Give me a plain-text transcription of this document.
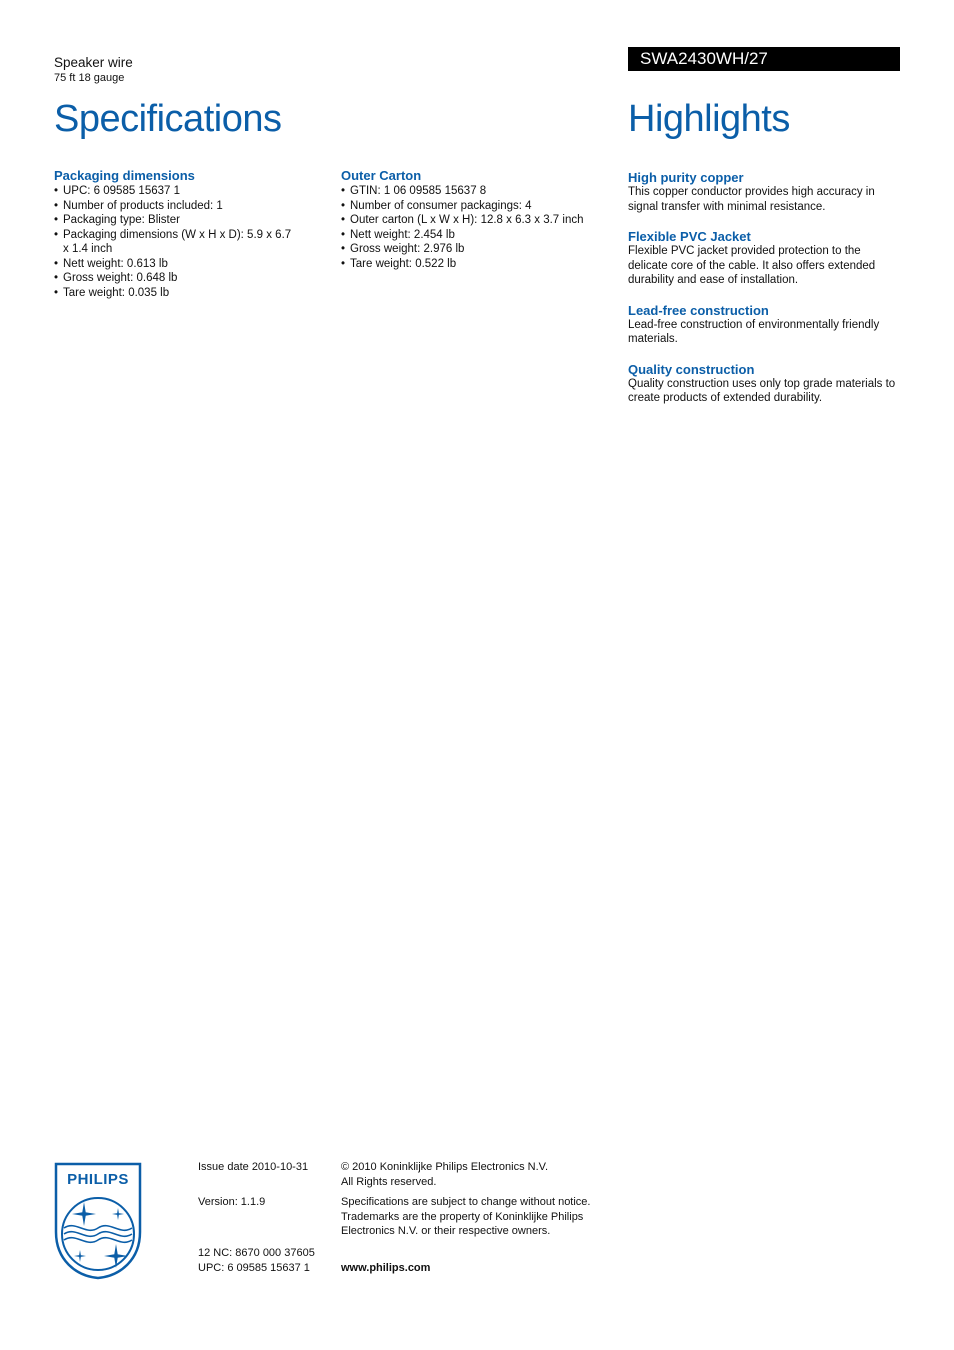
Speaker wire
75 ft 18 gauge
SWA2430WH/27
Specifications	Highlights
Packaging dimensions
• UPC: 6 09585 15637 1
• Number of products included: 1
• Packaging type: Blister
• Packaging dimensions (W x H x D): 5.9 x 6.7 x 1.4 inch
• Nett weight: 0.613 lb
• Gross weight: 0.648 lb
• Tare weight: 0.035 lb
Outer Carton
• GTIN: 1 06 09585 15637 8
• Number of consumer packagings: 4
• Outer carton (L x W x H): 12.8 x 6.3 x 3.7 inch
• Nett weight: 2.454 lb
• Gross weight: 2.976 lb
• Tare weight: 0.522 lb
High purity copper

This copper conductor provides high accuracy in signal transfer with minimal resistance.

Flexible PVC Jacket

Flexible PVC jacket provided protection to the delicate core of the cable. It also offers extended durability and ease of installation.

Lead-free construction

Lead-free construction of environmentally friendly materials.

Quality construction

Quality construction uses only top grade materials to create products of extended durability.

PHILIPS
Issue date 2010-10-31
Version: 1.1.9
12 NC: 8670 000 37605
UPC: 6 09585 15637 1
© 2010 Koninklijke Philips Electronics N.V.
All Rights reserved.
Specifications are subject to change without notice. Trademarks are the property of Koninklijke Philips Electronics N.V. or their respective owners.
www.philips.com
